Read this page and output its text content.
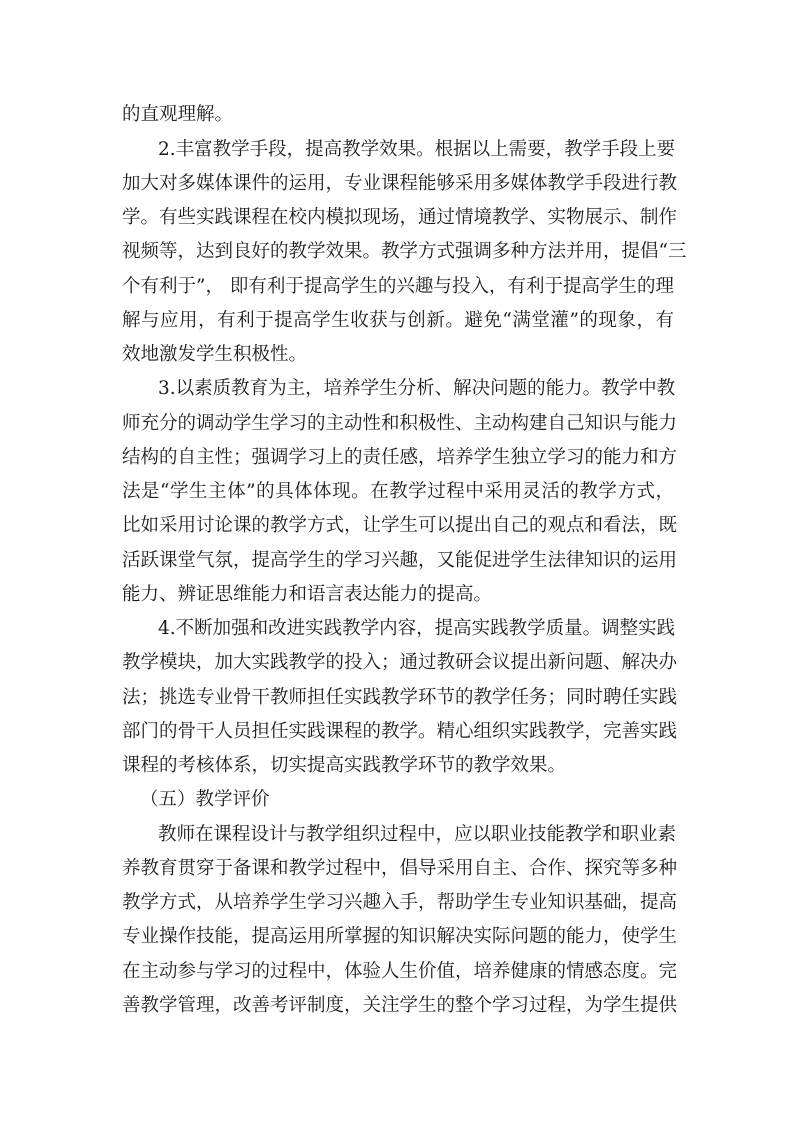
的直观理解。
2.丰富教学手段，提高教学效果。根据以上需要，教学手段上要
加大对多媒体课件的运用，专业课程能够采用多媒体教学手段进行教
学。有些实践课程在校内模拟现场，通过情境教学、实物展示、制作
视频等，达到良好的教学效果。教学方式强调多种方法并用，提倡“三
个有利于”， 即有利于提高学生的兴趣与投入，有利于提高学生的理
解与应用，有利于提高学生收获与创新。避免“满堂灌”的现象，有
效地激发学生积极性。
3.以素质教育为主，培养学生分析、解决问题的能力。教学中教
师充分的调动学生学习的主动性和积极性、主动构建自己知识与能力
结构的自主性；强调学习上的责任感，培养学生独立学习的能力和方
法是“学生主体”的具体体现。在教学过程中采用灵活的教学方式，
比如采用讨论课的教学方式，让学生可以提出自己的观点和看法，既
活跃课堂气氛，提高学生的学习兴趣，又能促进学生法律知识的运用
能力、辨证思维能力和语言表达能力的提高。
4.不断加强和改进实践教学内容，提高实践教学质量。调整实践
教学模块，加大实践教学的投入；通过教研会议提出新问题、解决办
法；挑选专业骨干教师担任实践教学环节的教学任务；同时聘任实践
部门的骨干人员担任实践课程的教学。精心组织实践教学，完善实践
课程的考核体系，切实提高实践教学环节的教学效果。
（五）教学评价
教师在课程设计与教学组织过程中，应以职业技能教学和职业素
养教育贯穿于备课和教学过程中，倡导采用自主、合作、探究等多种
教学方式，从培养学生学习兴趣入手，帮助学生专业知识基础，提高
专业操作技能，提高运用所掌握的知识解决实际问题的能力，使学生
在主动参与学习的过程中，体验人生价值，培养健康的情感态度。完
善教学管理，改善考评制度，关注学生的整个学习过程，为学生提供
